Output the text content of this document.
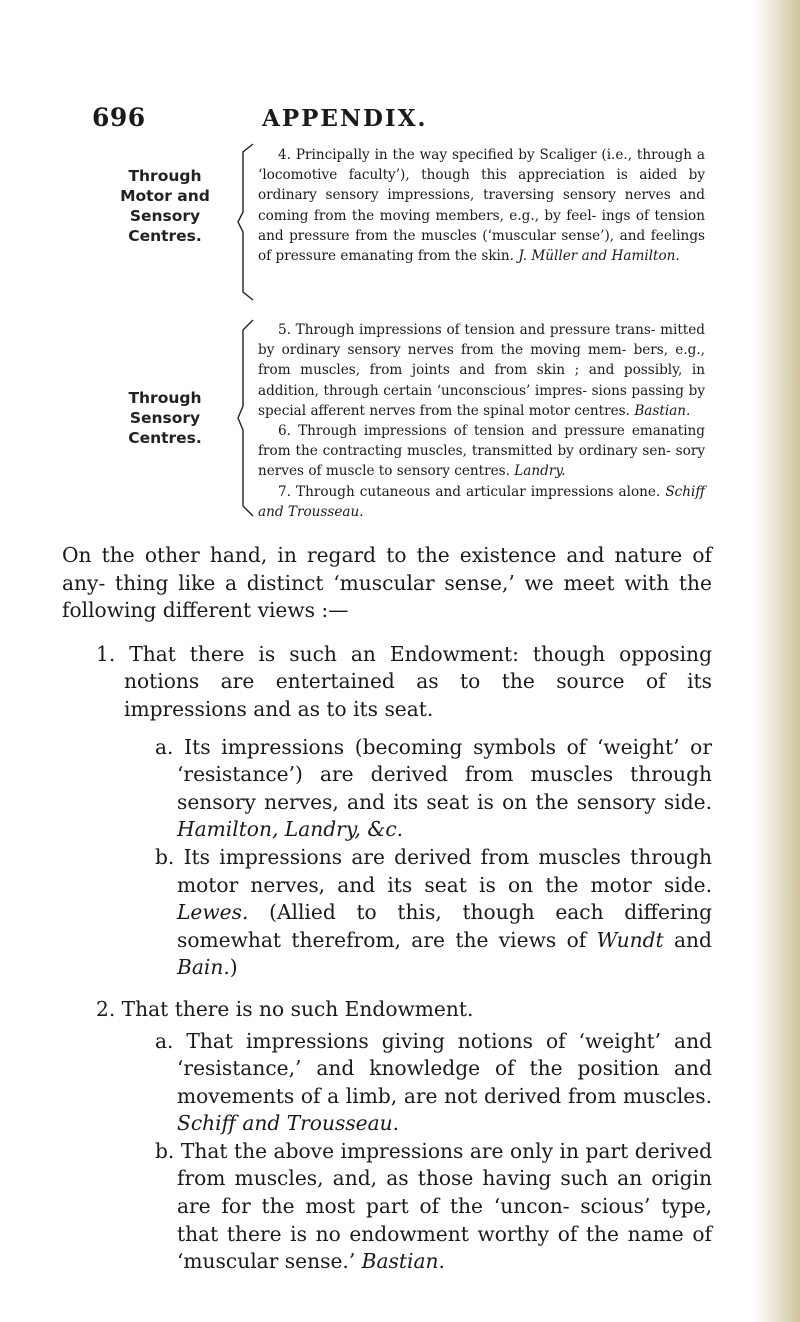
696	APPENDIX.
Through
Motor and
Sensory
Centres.

4. Principally in the way specified by Scaliger (i.e., through a ‘locomotive faculty’), though this appreciation is aided by ordinary sensory impressions, traversing sensory nerves and coming from the moving members, e.g., by feel- ings of tension and pressure from the muscles (‘muscular sense’), and feelings of pressure emanating from the skin. J. Müller and Hamilton.

Through
Sensory
Centres.

5. Through impressions of tension and pressure trans- mitted by ordinary sensory nerves from the moving mem- bers, e.g., from muscles, from joints and from skin ; and possibly, in addition, through certain ‘unconscious’ impres- sions passing by special afferent nerves from the spinal motor centres. Bastian.

6. Through impressions of tension and pressure emanating from the contracting muscles, transmitted by ordinary sen- sory nerves of muscle to sensory centres. Landry.

7. Through cutaneous and articular impressions alone. Schiff and Trousseau.

On the other hand, in regard to the existence and nature of any- thing like a distinct ‘muscular sense,’ we meet with the following different views :—

1. That there is such an Endowment: though opposing notions are entertained as to the source of its impressions and as to its seat.

a. Its impressions (becoming symbols of ‘weight’ or ‘resistance’) are derived from muscles through sensory nerves, and its seat is on the sensory side. Hamilton, Landry, &c.

b. Its impressions are derived from muscles through motor nerves, and its seat is on the motor side. Lewes. (Allied to this, though each differing somewhat therefrom, are the views of Wundt and Bain.)

2. That there is no such Endowment.

a. That impressions giving notions of ‘weight’ and ‘resistance,’ and knowledge of the position and movements of a limb, are not derived from muscles. Schiff and Trousseau.

b. That the above impressions are only in part derived from muscles, and, as those having such an origin are for the most part of the ‘uncon- scious’ type, that there is no endowment worthy of the name of ‘muscular sense.’ Bastian.
